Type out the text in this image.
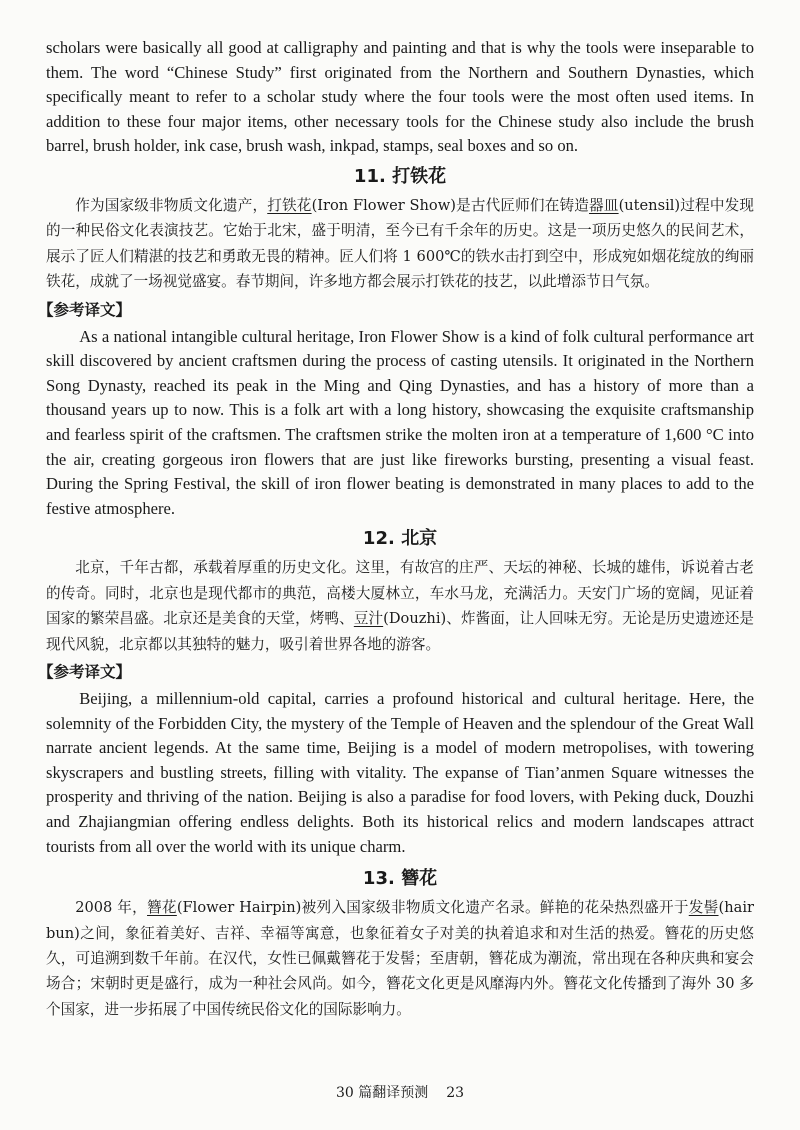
scholars were basically all good at calligraphy and painting and that is why the tools were inseparable to them. The word “Chinese Study” first originated from the Northern and Southern Dynasties, which specifically meant to refer to a scholar study where the four tools were the most often used items. In addition to these four major items, other necessary tools for the Chinese study also include the brush barrel, brush holder, ink case, brush wash, inkpad, stamps, seal boxes and so on.

11. 打铁花

作为国家级非物质文化遗产，打铁花(Iron Flower Show)是古代匠师们在铸造器皿(utensil)过程中发现的一种民俗文化表演技艺。它始于北宋，盛于明清，至今已有千余年的历史。这是一项历史悠久的民间艺术，展示了匠人们精湛的技艺和勇敢无畏的精神。匠人们将 1 600℃的铁水击打到空中，形成宛如烟花绽放的绚丽铁花，成就了一场视觉盛宴。春节期间，许多地方都会展示打铁花的技艺，以此增添节日气氛。

【参考译文】

As a national intangible cultural heritage, Iron Flower Show is a kind of folk cultural performance art skill discovered by ancient craftsmen during the process of casting utensils. It originated in the Northern Song Dynasty, reached its peak in the Ming and Qing Dynasties, and has a history of more than a thousand years up to now. This is a folk art with a long history, showcasing the exquisite craftsmanship and fearless spirit of the craftsmen. The craftsmen strike the molten iron at a temperature of 1,600 °C into the air, creating gorgeous iron flowers that are just like fireworks bursting, presenting a visual feast. During the Spring Festival, the skill of iron flower beating is demonstrated in many places to add to the festive atmosphere.

12. 北京

北京，千年古都，承载着厚重的历史文化。这里，有故宫的庄严、天坛的神秘、长城的雄伟，诉说着古老的传奇。同时，北京也是现代都市的典范，高楼大厦林立，车水马龙，充满活力。天安门广场的宽阔，见证着国家的繁荣昌盛。北京还是美食的天堂，烤鸭、豆汁(Douzhi)、炸酱面，让人回味无穷。无论是历史遗迹还是现代风貌，北京都以其独特的魅力，吸引着世界各地的游客。

【参考译文】

Beijing, a millennium-old capital, carries a profound historical and cultural heritage. Here, the solemnity of the Forbidden City, the mystery of the Temple of Heaven and the splendour of the Great Wall narrate ancient legends. At the same time, Beijing is a model of modern metropolises, with towering skyscrapers and bustling streets, filling with vitality. The expanse of Tian’anmen Square witnesses the prosperity and thriving of the nation. Beijing is also a paradise for food lovers, with Peking duck, Douzhi and Zhajiangmian offering endless delights. Both its historical relics and modern landscapes attract tourists from all over the world with its unique charm.

13. 簪花

2008 年，簪花(Flower Hairpin)被列入国家级非物质文化遗产名录。鲜艳的花朵热烈盛开于发髻(hair bun)之间，象征着美好、吉祥、幸福等寓意，也象征着女子对美的执着追求和对生活的热爱。簪花的历史悠久，可追溯到数千年前。在汉代，女性已佩戴簪花于发髻；至唐朝，簪花成为潮流，常出现在各种庆典和宴会场合；宋朝时更是盛行，成为一种社会风尚。如今，簪花文化更是风靡海内外。簪花文化传播到了海外 30 多个国家，进一步拓展了中国传统民俗文化的国际影响力。

30 篇翻译预测 23
